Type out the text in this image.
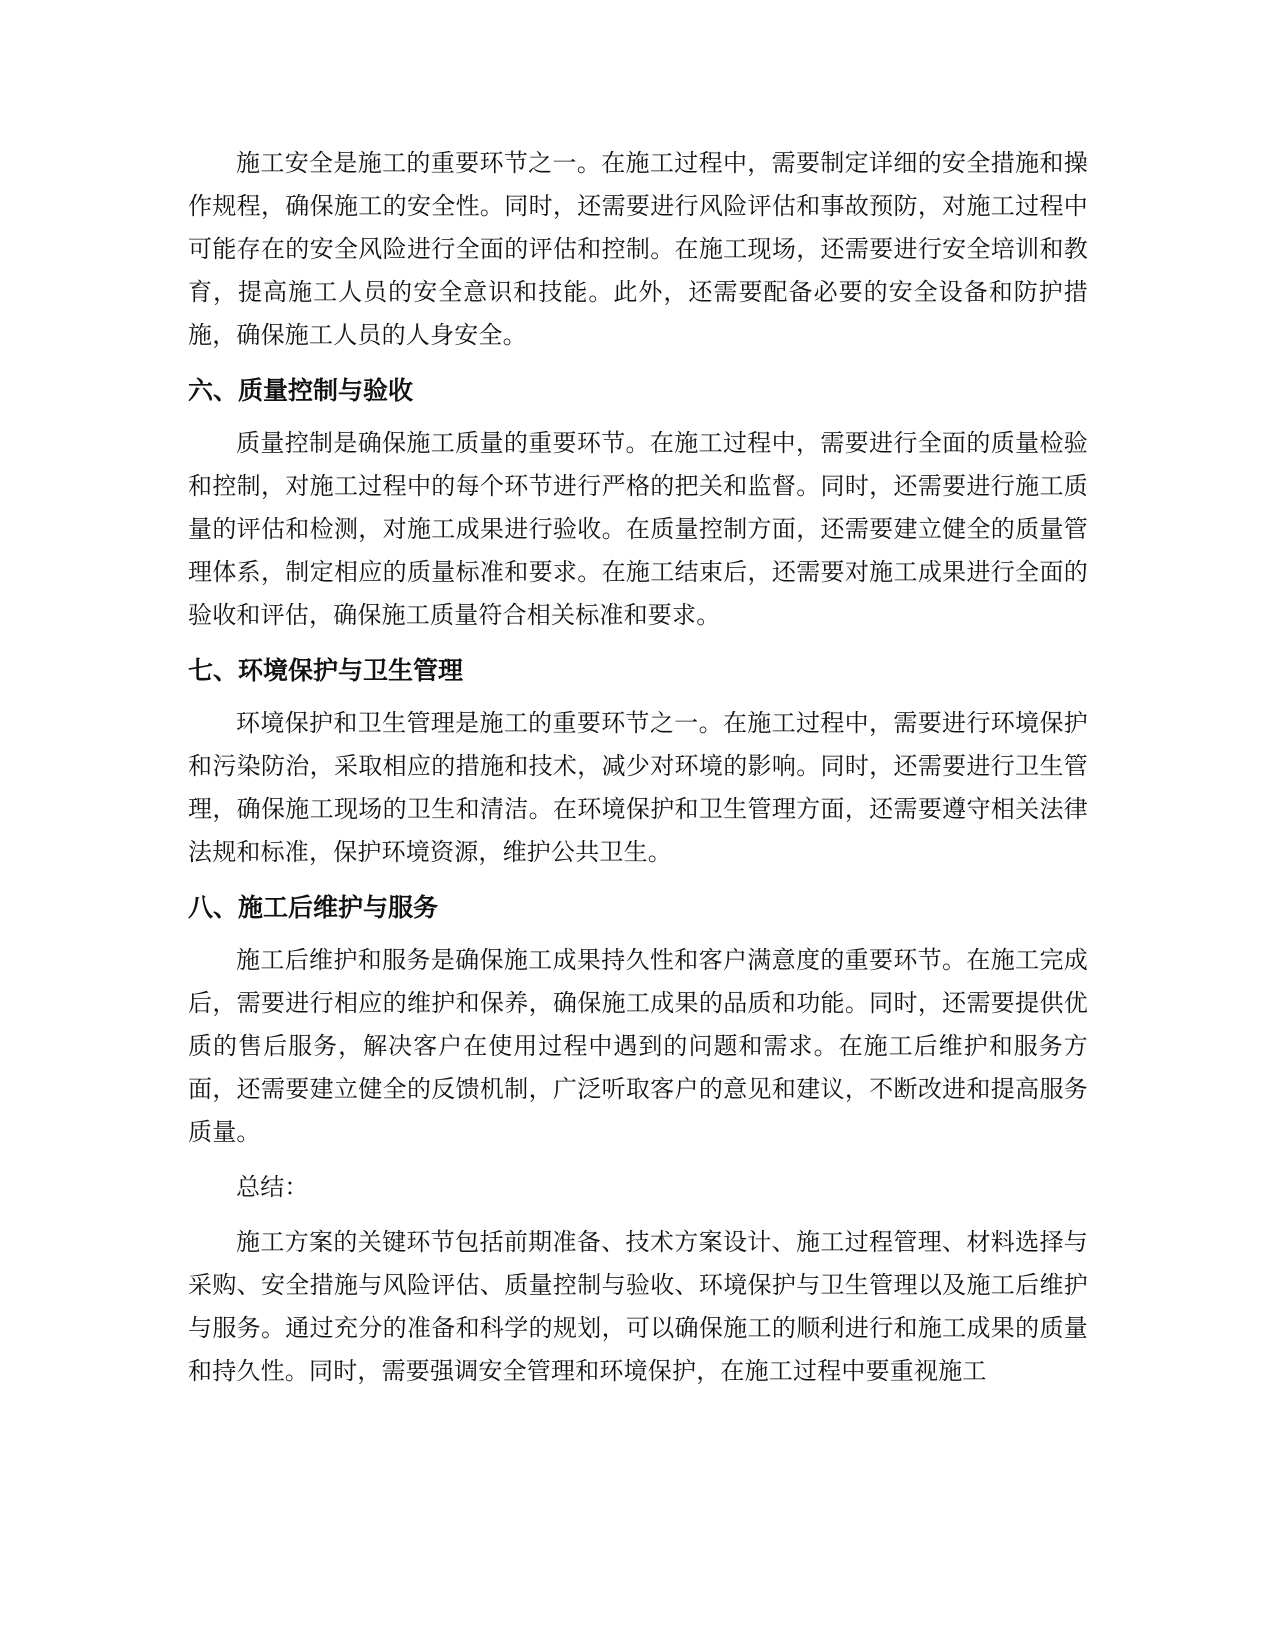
施工安全是施工的重要环节之一。在施工过程中，需要制定详细的安全措施和操作规程，确保施工的安全性。同时，还需要进行风险评估和事故预防，对施工过程中可能存在的安全风险进行全面的评估和控制。在施工现场，还需要进行安全培训和教育，提高施工人员的安全意识和技能。此外，还需要配备必要的安全设备和防护措施，确保施工人员的人身安全。

六、质量控制与验收

质量控制是确保施工质量的重要环节。在施工过程中，需要进行全面的质量检验和控制，对施工过程中的每个环节进行严格的把关和监督。同时，还需要进行施工质量的评估和检测，对施工成果进行验收。在质量控制方面，还需要建立健全的质量管理体系，制定相应的质量标准和要求。在施工结束后，还需要对施工成果进行全面的验收和评估，确保施工质量符合相关标准和要求。

七、环境保护与卫生管理

环境保护和卫生管理是施工的重要环节之一。在施工过程中，需要进行环境保护和污染防治，采取相应的措施和技术，减少对环境的影响。同时，还需要进行卫生管理，确保施工现场的卫生和清洁。在环境保护和卫生管理方面，还需要遵守相关法律法规和标准，保护环境资源，维护公共卫生。

八、施工后维护与服务

施工后维护和服务是确保施工成果持久性和客户满意度的重要环节。在施工完成后，需要进行相应的维护和保养，确保施工成果的品质和功能。同时，还需要提供优质的售后服务，解决客户在使用过程中遇到的问题和需求。在施工后维护和服务方面，还需要建立健全的反馈机制，广泛听取客户的意见和建议，不断改进和提高服务质量。

总结：

施工方案的关键环节包括前期准备、技术方案设计、施工过程管理、材料选择与采购、安全措施与风险评估、质量控制与验收、环境保护与卫生管理以及施工后维护与服务。通过充分的准备和科学的规划，可以确保施工的顺利进行和施工成果的质量和持久性。同时，需要强调安全管理和环境保护，在施工过程中要重视施工
